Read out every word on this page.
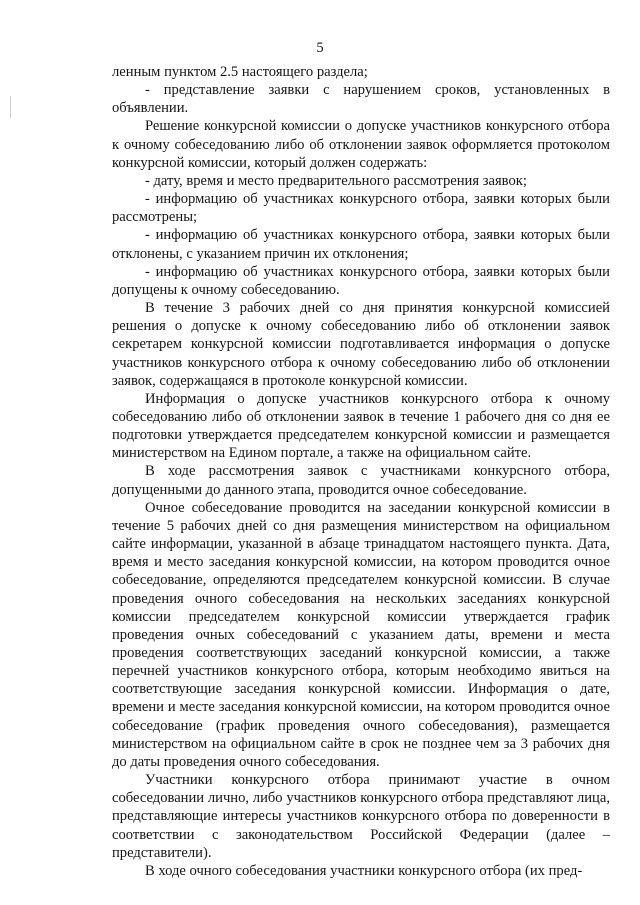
5

ленным пунктом 2.5 настоящего раздела;

- представление заявки с нарушением сроков, установленных в объявлении.

Решение конкурсной комиссии о допуске участников конкурсного отбора к очному собеседованию либо об отклонении заявок оформляется протоколом конкурсной комиссии, который должен содержать:

- дату, время и место предварительного рассмотрения заявок;

- информацию об участниках конкурсного отбора, заявки которых были рассмотрены;

- информацию об участниках конкурсного отбора, заявки которых были отклонены, с указанием причин их отклонения;

- информацию об участниках конкурсного отбора, заявки которых были допущены к очному собеседованию.

В течение 3 рабочих дней со дня принятия конкурсной комиссией решения о допуске к очному собеседованию либо об отклонении заявок секретарем конкурсной комиссии подготавливается информация о допуске участников конкурсного отбора к очному собеседованию либо об отклонении заявок, содержащаяся в протоколе конкурсной комиссии.

Информация о допуске участников конкурсного отбора к очному собеседованию либо об отклонении заявок в течение 1 рабочего дня со дня ее подготовки утверждается председателем конкурсной комиссии и размещается министерством на Едином портале, а также на официальном сайте.

В ходе рассмотрения заявок с участниками конкурсного отбора, допущенными до данного этапа, проводится очное собеседование.

Очное собеседование проводится на заседании конкурсной комиссии в течение 5 рабочих дней со дня размещения министерством на официальном сайте информации, указанной в абзаце тринадцатом настоящего пункта. Дата, время и место заседания конкурсной комиссии, на котором проводится очное собеседование, определяются председателем конкурсной комиссии. В случае проведения очного собеседования на нескольких заседаниях конкурсной комиссии председателем конкурсной комиссии утверждается график проведения очных собеседований с указанием даты, времени и места проведения соответствующих заседаний конкурсной комиссии, а также перечней участников конкурсного отбора, которым необходимо явиться на соответствующие заседания конкурсной комиссии. Информация о дате, времени и месте заседания конкурсной комиссии, на котором проводится очное собеседование (график проведения очного собеседования), размещается министерством на официальном сайте в срок не позднее чем за 3 рабочих дня до даты проведения очного собеседования.

Участники конкурсного отбора принимают участие в очном собеседовании лично, либо участников конкурсного отбора представляют лица, представляющие интересы участников конкурсного отбора по доверенности в соответствии с законодательством Российской Федерации (далее – представители).

В ходе очного собеседования участники конкурсного отбора (их пред-
